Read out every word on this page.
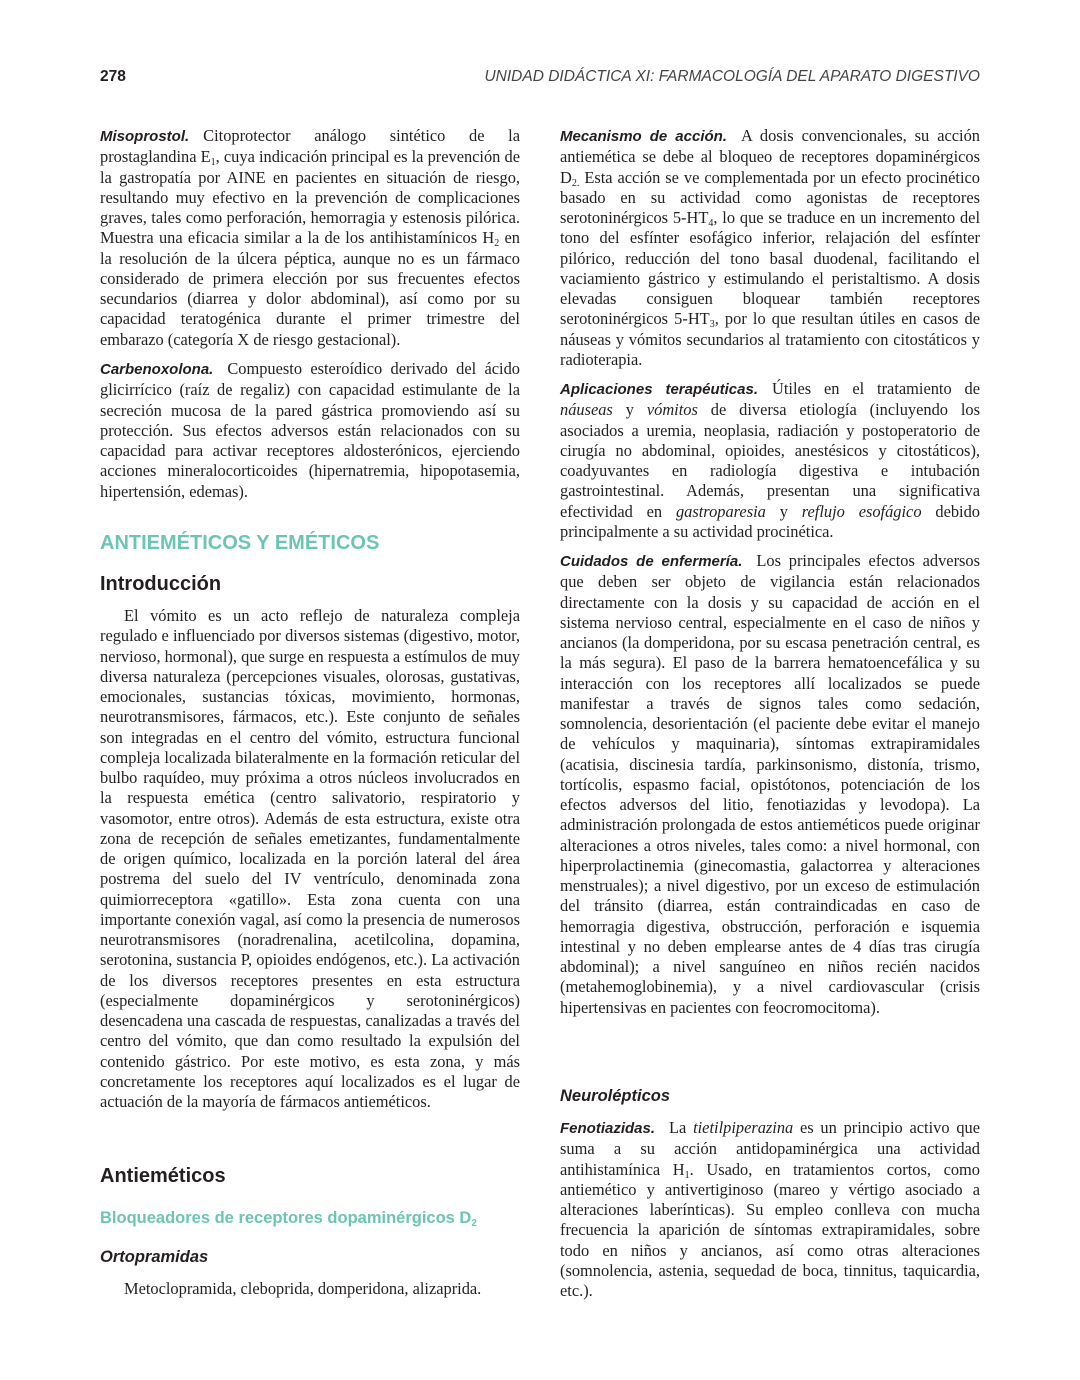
278	UNIDAD DIDÁCTICA XI: FARMACOLOGÍA DEL APARATO DIGESTIVO

Misoprostol. Citoprotector análogo sintético de la prostaglandina $E_1$, cuya indicación principal es la prevención de la gastropatía por AINE en pacientes en situación de riesgo, resultando muy efectivo en la prevención de complicaciones graves, tales como perforación, hemorragia y estenosis pilórica. Muestra una eficacia similar a la de los antihistamínicos $H_2$ en la resolución de la úlcera péptica, aunque no es un fármaco considerado de primera elección por sus frecuentes efectos secundarios (diarrea y dolor abdominal), así como por su capacidad teratogénica durante el primer trimestre del embarazo (categoría X de riesgo gestacional).

Carbenoxolona. Compuesto esteroídico derivado del ácido glicirrícico (raíz de regaliz) con capacidad estimulante de la secreción mucosa de la pared gástrica promoviendo así su protección. Sus efectos adversos están relacionados con su capacidad para activar receptores aldosterónicos, ejerciendo acciones mineralocorticoides (hipernatremia, hipopotasemia, hipertensión, edemas).

ANTIEMÉTICOS Y EMÉTICOS
Introducción

El vómito es un acto reflejo de naturaleza compleja regulado e influenciado por diversos sistemas (digestivo, motor, nervioso, hormonal), que surge en respuesta a estímulos de muy diversa naturaleza (percepciones visuales, olorosas, gustativas, emocionales, sustancias tóxicas, movimiento, hormonas, neurotransmisores, fármacos, etc.). Este conjunto de señales son integradas en el centro del vómito, estructura funcional compleja localizada bilateralmente en la formación reticular del bulbo raquídeo, muy próxima a otros núcleos involucrados en la respuesta emética (centro salivatorio, respiratorio y vasomotor, entre otros). Además de esta estructura, existe otra zona de recepción de señales emetizantes, fundamentalmente de origen químico, localizada en la porción lateral del área postrema del suelo del IV ventrículo, denominada zona quimiorreceptora «gatillo». Esta zona cuenta con una importante conexión vagal, así como la presencia de numerosos neurotransmisores (noradrenalina, acetilcolina, dopamina, serotonina, sustancia P, opioides endógenos, etc.). La activación de los diversos receptores presentes en esta estructura (especialmente dopaminérgicos y serotoninérgicos) desencadena una cascada de respuestas, canalizadas a través del centro del vómito, que dan como resultado la expulsión del contenido gástrico. Por este motivo, es esta zona, y más concretamente los receptores aquí localizados es el lugar de actuación de la mayoría de fármacos antieméticos.

Antieméticos
Bloqueadores de receptores dopaminérgicos $D_2$
Ortopramidas

Metoclopramida, cleboprida, domperidona, alizaprida.

Mecanismo de acción. A dosis convencionales, su acción antiemética se debe al bloqueo de receptores dopaminérgicos $D_{2.}$ Esta acción se ve complementada por un efecto procinético basado en su actividad como agonistas de receptores serotoninérgicos $5-HT_4$, lo que se traduce en un incremento del tono del esfínter esofágico inferior, relajación del esfínter pilórico, reducción del tono basal duodenal, facilitando el vaciamiento gástrico y estimulando el peristaltismo. A dosis elevadas consiguen bloquear también receptores serotoninérgicos $5-HT_3$, por lo que resultan útiles en casos de náuseas y vómitos secundarios al tratamiento con citostáticos y radioterapia.

Aplicaciones terapéuticas. Útiles en el tratamiento de náuseas y vómitos de diversa etiología (incluyendo los asociados a uremia, neoplasia, radiación y postoperatorio de cirugía no abdominal, opioides, anestésicos y citostáticos), coadyuvantes en radiología digestiva e intubación gastrointestinal. Además, presentan una significativa efectividad en gastroparesia y reflujo esofágico debido principalmente a su actividad procinética.

Cuidados de enfermería. Los principales efectos adversos que deben ser objeto de vigilancia están relacionados directamente con la dosis y su capacidad de acción en el sistema nervioso central, especialmente en el caso de niños y ancianos (la domperidona, por su escasa penetración central, es la más segura). El paso de la barrera hematoencefálica y su interacción con los receptores allí localizados se puede manifestar a través de signos tales como sedación, somnolencia, desorientación (el paciente debe evitar el manejo de vehículos y maquinaria), síntomas extrapiramidales (acatisia, discinesia tardía, parkinsonismo, distonía, trismo, tortícolis, espasmo facial, opistótonos, potenciación de los efectos adversos del litio, fenotiazidas y levodopa). La administración prolongada de estos antieméticos puede originar alteraciones a otros niveles, tales como: a nivel hormonal, con hiperprolactinemia (ginecomastia, galactorrea y alteraciones menstruales); a nivel digestivo, por un exceso de estimulación del tránsito (diarrea, están contraindicadas en caso de hemorragia digestiva, obstrucción, perforación e isquemia intestinal y no deben emplearse antes de 4 días tras cirugía abdominal); a nivel sanguíneo en niños recién nacidos (metahemoglobinemia), y a nivel cardiovascular (crisis hipertensivas en pacientes con feocromocitoma).

Neurolépticos

Fenotiazidas. La tietilpiperazina es un principio activo que suma a su acción antidopaminérgica una actividad antihistamínica $H_1$. Usado, en tratamientos cortos, como antiemético y antivertiginoso (mareo y vértigo asociado a alteraciones laberínticas). Su empleo conlleva con mucha frecuencia la aparición de síntomas extrapiramidales, sobre todo en niños y ancianos, así como otras alteraciones (somnolencia, astenia, sequedad de boca, tinnitus, taquicardia, etc.).
